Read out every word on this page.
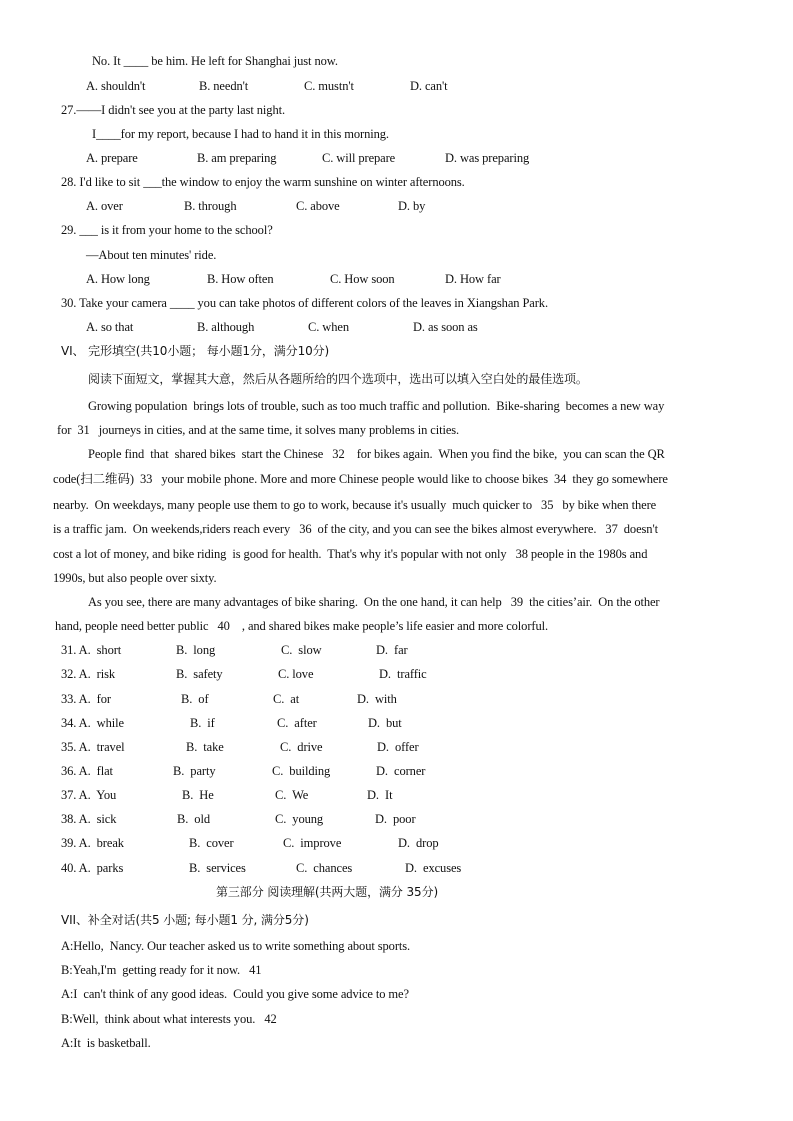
No. It ____ be him. He left for Shanghai just now.
A. shouldn't	B. needn't	C. mustn't	D. can't
27.——I didn't see you at the party last night.
I____for my report, because I had to hand it in this morning.
A. prepare	B. am preparing	C. will prepare	D. was preparing
28. I'd like to sit ___the window to enjoy the warm sunshine on winter afternoons.
A. over	B. through	C. above	D. by
29. ___ is it from your home to the school?
—About ten minutes' ride.
A. How long	B. How often	C. How soon	D. How far
30. Take your camera ____ you can take photos of different colors of the leaves in Xiangshan Park.
A. so that	B. although	C. when	D. as soon as
VI、 完形填空(共10小题； 每小题1分，满分10分)
阅读下面短文，掌握其大意，然后从各题所给的四个选项中，选出可以填入空白处的最佳选项。
Growing population  brings lots of trouble, such as too much traffic and pollution.  Bike-sharing  becomes a new way
for  31   journeys in cities, and at the same time, it solves many problems in cities.
People find  that  shared bikes  start the Chinese   32    for bikes again.  When you find the bike,  you can scan the QR
code(扫二维码)  33   your mobile phone. More and more Chinese people would like to choose bikes  34  they go somewhere
nearby.  On weekdays, many people use them to go to work, because it's usually  much quicker to   35   by bike when there
is a traffic jam.  On weekends,riders reach every   36  of the city, and you can see the bikes almost everywhere.   37  doesn't
cost a lot of money, and bike riding  is good for health.  That's why it's popular with not only   38 people in the 1980s and
1990s, but also people over sixty.
As you see, there are many advantages of bike sharing.  On the one hand, it can help   39  the cities’air.  On the other
hand, people need better public   40    , and shared bikes make people’s life easier and more colorful.
31. A.  short	B.  long	C.  slow	D.  far
32. A.  risk	B.  safety	C. love	D.  traffic
33. A.  for	B.  of	C.  at	D.  with
34. A.  while	B.  if	C.  after	D.  but
35. A.  travel	B.  take	C.  drive	D.  offer
36. A.  flat	B.  party	C.  building	D.  corner
37. A.  You	B.  He	C.  We	D.  It
38. A.  sick	B.  old	C.  young	D.  poor
39. A.  break	B.  cover	C.  improve	D.  drop
40. A.  parks	B.  services	C.  chances	D.  excuses
第三部分 阅读理解(共两大题，满分 35分)
VII、补全对话(共5 小题; 每小题1 分, 满分5分)
A:Hello,  Nancy. Our teacher asked us to write something about sports.
B:Yeah,I'm  getting ready for it now.   41
A:I  can't think of any good ideas.  Could you give some advice to me?
B:Well,  think about what interests you.   42
A:It  is basketball.
